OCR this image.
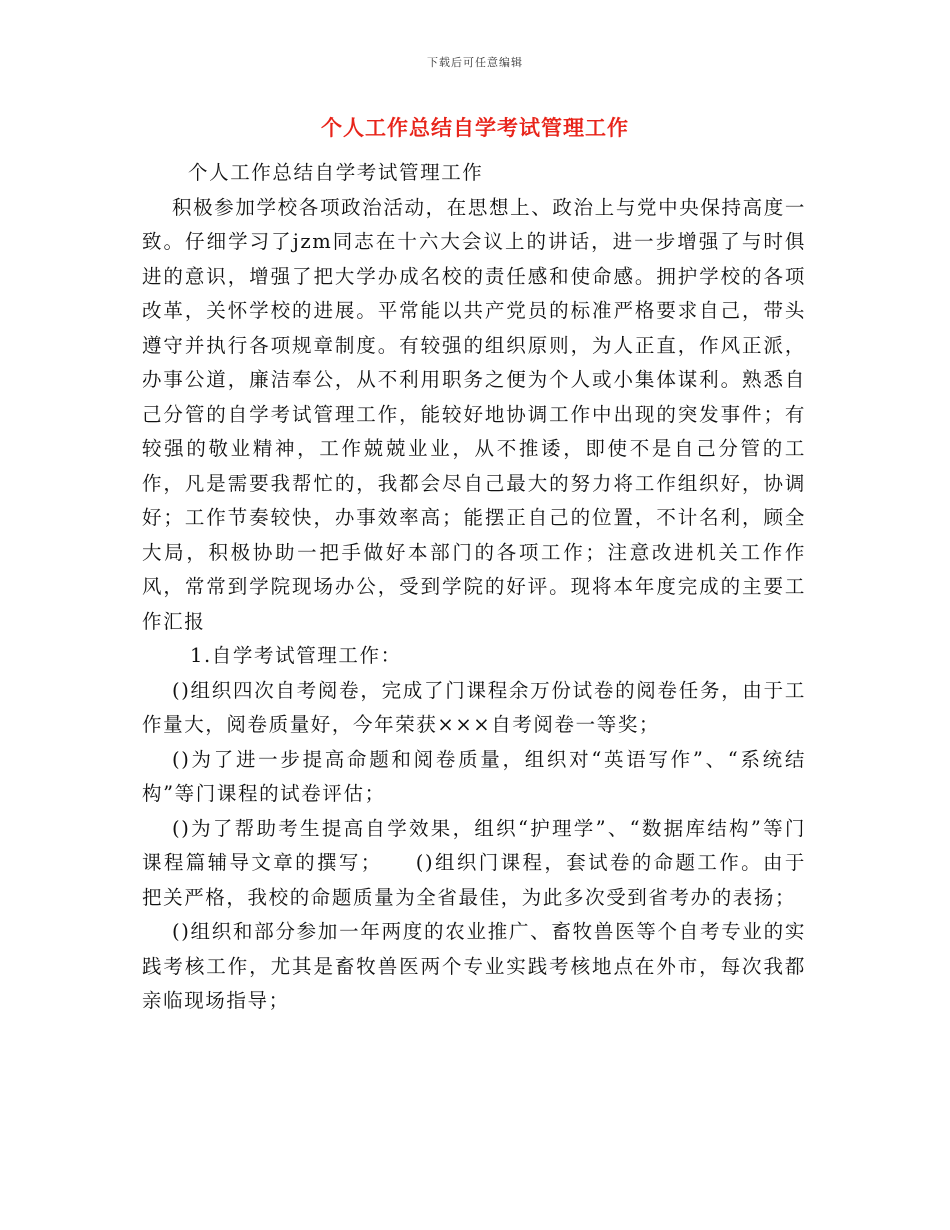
下载后可任意编辑
个人工作总结自学考试管理工作

个人工作总结自学考试管理工作

积极参加学校各项政治活动，在思想上、政治上与党中央保持高度一致。仔细学习了jzm同志在十六大会议上的讲话，进一步增强了与时俱进的意识，增强了把大学办成名校的责任感和使命感。拥护学校的各项改革，关怀学校的进展。平常能以共产党员的标准严格要求自己，带头遵守并执行各项规章制度。有较强的组织原则，为人正直，作风正派，办事公道，廉洁奉公，从不利用职务之便为个人或小集体谋利。熟悉自己分管的自学考试管理工作，能较好地协调工作中出现的突发事件；有较强的敬业精神，工作兢兢业业，从不推诿，即使不是自己分管的工作，凡是需要我帮忙的，我都会尽自己最大的努力将工作组织好，协调好；工作节奏较快，办事效率高；能摆正自己的位置，不计名利，顾全大局，积极协助一把手做好本部门的各项工作；注意改进机关工作作风，常常到学院现场办公，受到学院的好评。现将本年度完成的主要工作汇报

1.自学考试管理工作：

()组织四次自考阅卷，完成了门课程余万份试卷的阅卷任务，由于工作量大，阅卷质量好，今年荣获×××自考阅卷一等奖；

()为了进一步提高命题和阅卷质量，组织对“英语写作”、“系统结构”等门课程的试卷评估；

()为了帮助考生提高自学效果，组织“护理学”、“数据库结构”等门课程篇辅导文章的撰写； ()组织门课程，套试卷的命题工作。由于把关严格，我校的命题质量为全省最佳，为此多次受到省考办的表扬；

()组织和部分参加一年两度的农业推广、畜牧兽医等个自考专业的实践考核工作，尤其是畜牧兽医两个专业实践考核地点在外市，每次我都亲临现场指导；
